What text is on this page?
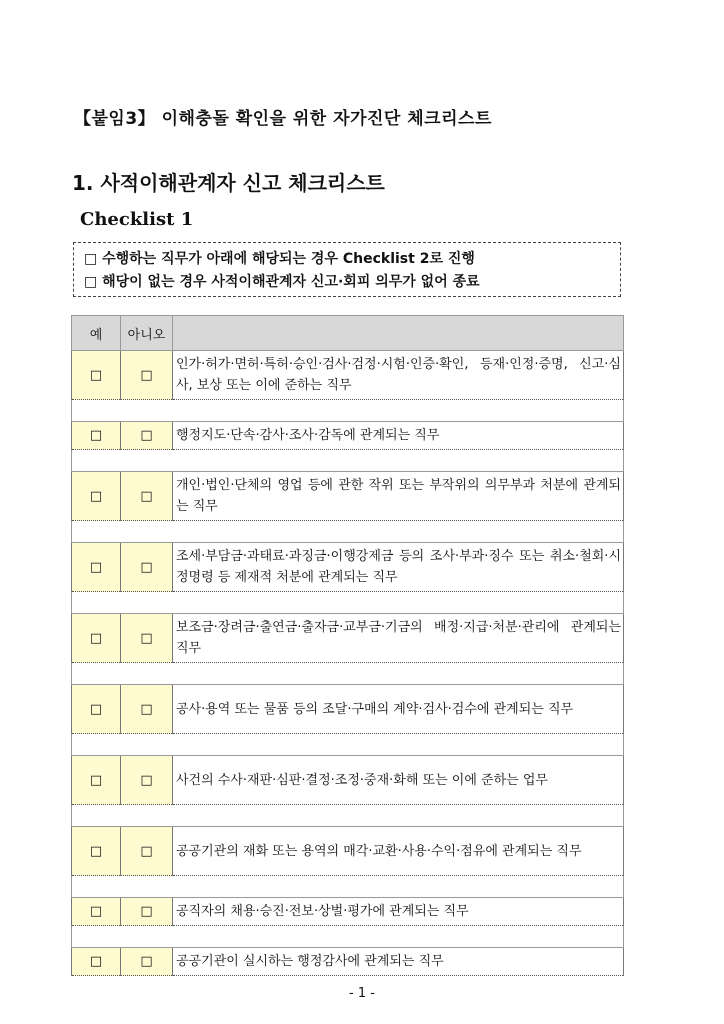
【붙임3】 이해충돌 확인을 위한 자가진단 체크리스트
1. 사적이해관계자 신고 체크리스트
Checklist 1
□ 수행하는 직무가 아래에 해당되는 경우 Checklist 2로 진행
□ 해당이 없는 경우 사적이해관계자 신고·회피 의무가 없어 종료
예	아니오	
□	□	인가·허가·면허·특허·승인·검사·검정·시험·인증·확인, 등재·인정·증명, 신고·심사, 보상 또는 이에 준하는 직무

□	□	행정지도·단속·감사·조사·감독에 관계되는 직무

□	□	개인·법인·단체의 영업 등에 관한 작위 또는 부작위의 의무부과 처분에 관계되는 직무

□	□	조세·부담금·과태료·과징금·이행강제금 등의 조사·부과·징수 또는 취소·철회·시정명령 등 제재적 처분에 관계되는 직무

□	□	보조금·장려금·출연금·출자금·교부금·기금의 배정·지급·처분·관리에 관계되는 직무

□	□	공사·용역 또는 물품 등의 조달·구매의 계약·검사·검수에 관계되는 직무

□	□	사건의 수사·재판·심판·결정·조정·중재·화해 또는 이에 준하는 업무

□	□	공공기관의 재화 또는 용역의 매각·교환·사용·수익·점유에 관계되는 직무

□	□	공직자의 채용·승진·전보·상벌·평가에 관계되는 직무

□	□	공공기관이 실시하는 행정감사에 관계되는 직무
- 1 -
